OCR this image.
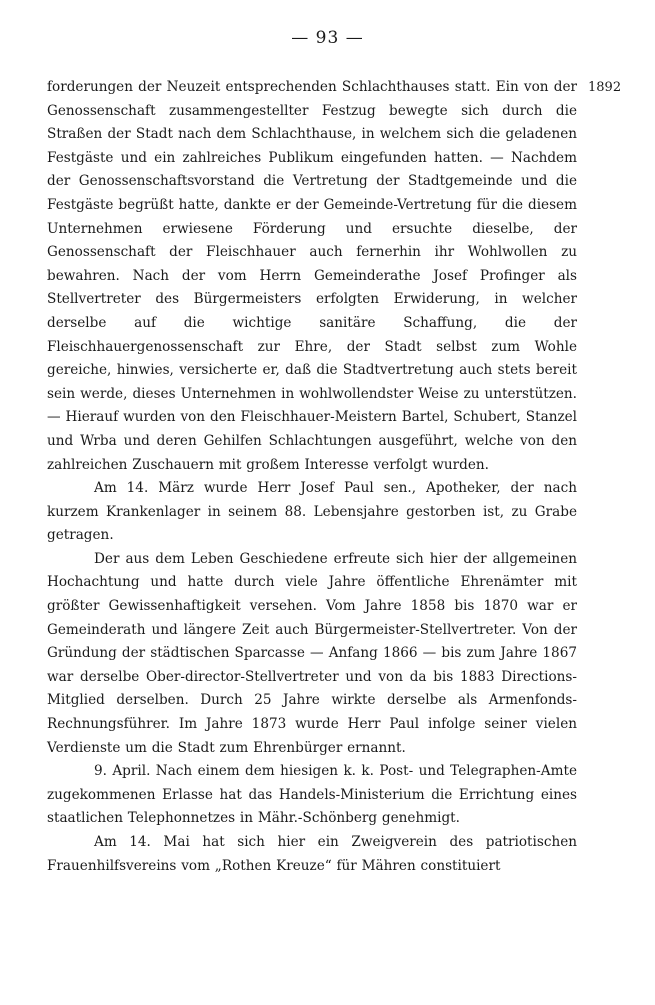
— 93 —
1892

forderungen der Neuzeit entsprechenden Schlachthauses statt. Ein von der Genossenschaft zusammengestellter Festzug bewegte sich durch die Straßen der Stadt nach dem Schlachthause, in welchem sich die geladenen Festgäste und ein zahlreiches Publikum eingefunden hatten. — Nachdem der Genossenschaftsvorstand die Vertretung der Stadtgemeinde und die Festgäste begrüßt hatte, dankte er der Gemeinde-Vertretung für die diesem Unternehmen erwiesene Förderung und ersuchte dieselbe, der Genossenschaft der Fleischhauer auch fernerhin ihr Wohlwollen zu bewahren. Nach der vom Herrn Gemeinderathe Josef Profinger als Stellvertreter des Bürgermeisters erfolgten Erwiderung, in welcher derselbe auf die wichtige sanitäre Schaffung, die der Fleischhauergenossenschaft zur Ehre, der Stadt selbst zum Wohle gereiche, hinwies, versicherte er, daß die Stadtvertretung auch stets bereit sein werde, dieses Unternehmen in wohlwollendster Weise zu unterstützen. — Hierauf wurden von den Fleischhauer-Meistern Bartel, Schubert, Stanzel und Wrba und deren Gehilfen Schlachtungen ausgeführt, welche von den zahlreichen Zuschauern mit großem Interesse verfolgt wurden.

Am 14. März wurde Herr Josef Paul sen., Apotheker, der nach kurzem Krankenlager in seinem 88. Lebensjahre gestorben ist, zu Grabe getragen.

Der aus dem Leben Geschiedene erfreute sich hier der allgemeinen Hochachtung und hatte durch viele Jahre öffentliche Ehrenämter mit größter Gewissenhaftigkeit versehen. Vom Jahre 1858 bis 1870 war er Gemeinderath und längere Zeit auch Bürgermeister-Stellvertreter. Von der Gründung der städtischen Sparcasse — Anfang 1866 — bis zum Jahre 1867 war derselbe Ober-director-Stellvertreter und von da bis 1883 Directions-Mitglied derselben. Durch 25 Jahre wirkte derselbe als Armenfonds-Rechnungsführer. Im Jahre 1873 wurde Herr Paul infolge seiner vielen Verdienste um die Stadt zum Ehrenbürger ernannt.

9. April. Nach einem dem hiesigen k. k. Post- und Telegraphen-Amte zugekommenen Erlasse hat das Handels-Ministerium die Errichtung eines staatlichen Telephonnetzes in Mähr.-Schönberg genehmigt.

Am 14. Mai hat sich hier ein Zweigverein des patriotischen Frauenhilfsvereins vom „Rothen Kreuze“ für Mähren constituiert
